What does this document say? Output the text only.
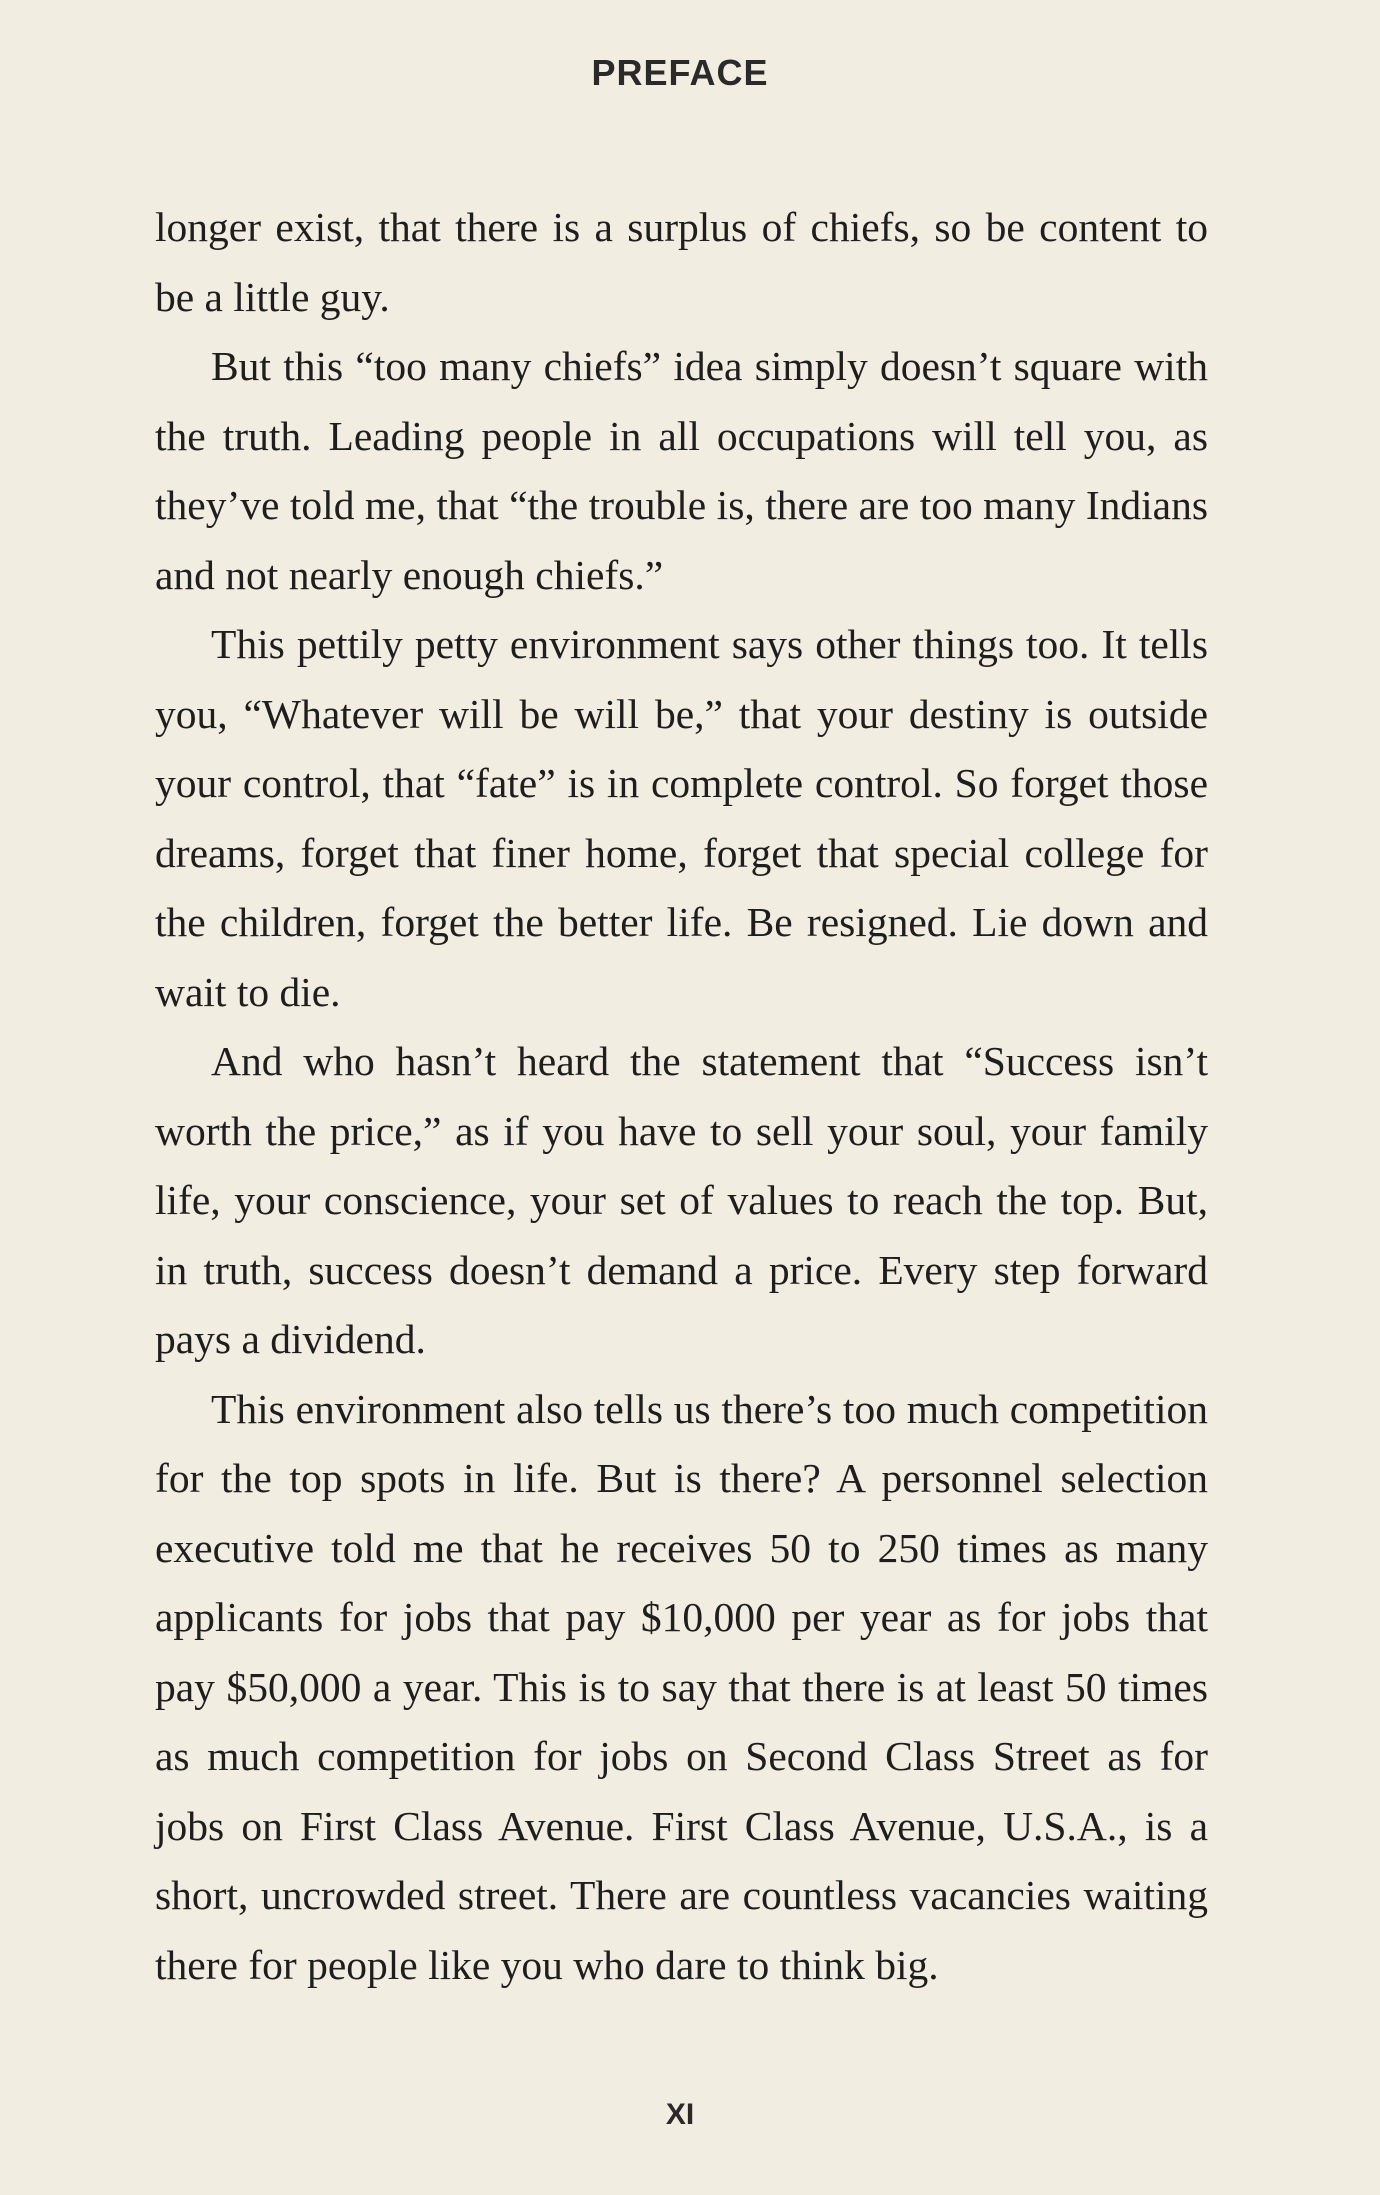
PREFACE

longer exist, that there is a surplus of chiefs, so be content to be a little guy.

But this “too many chiefs” idea simply doesn’t square with the truth. Leading people in all occupations will tell you, as they’ve told me, that “the trouble is, there are too many Indians and not nearly enough chiefs.”

This pettily petty environment says other things too. It tells you, “Whatever will be will be,” that your destiny is outside your control, that “fate” is in complete control. So forget those dreams, forget that finer home, forget that special college for the children, forget the better life. Be resigned. Lie down and wait to die.

And who hasn’t heard the statement that “Success isn’t worth the price,” as if you have to sell your soul, your family life, your conscience, your set of values to reach the top. But, in truth, success doesn’t demand a price. Every step forward pays a dividend.

This environment also tells us there’s too much competition for the top spots in life. But is there? A personnel selection executive told me that he receives 50 to 250 times as many applicants for jobs that pay $10,000 per year as for jobs that pay $50,000 a year. This is to say that there is at least 50 times as much competition for jobs on Second Class Street as for jobs on First Class Avenue. First Class Avenue, U.S.A., is a short, uncrowded street. There are countless vacancies waiting there for people like you who dare to think big.

XI
